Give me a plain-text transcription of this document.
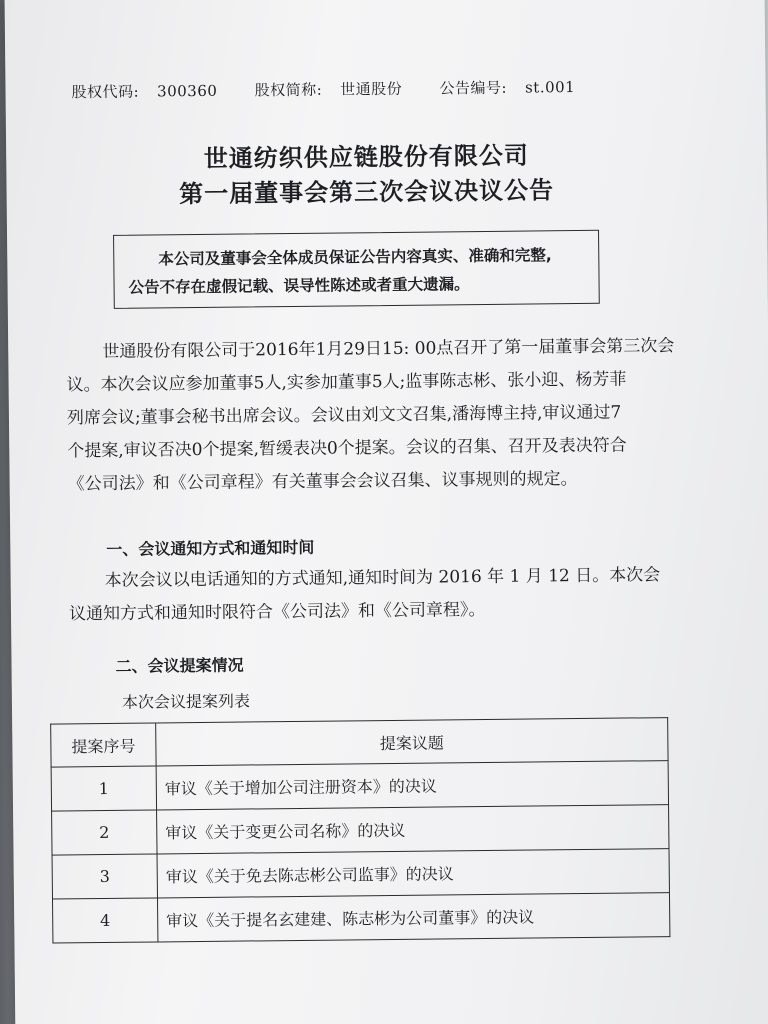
股权代码: 300360 股权简称: 世通股份 公告编号: st.001
世通纺织供应链股份有限公司
第一届董事会第三次会议决议公告
本公司及董事会全体成员保证公告内容真实、准确和完整,
公告不存在虚假记载、误导性陈述或者重大遗漏。
世通股份有限公司于2016年1月29日15: 00点召开了第一届董事会第三次会
议。本次会议应参加董事5人,实参加董事5人;监事陈志彬、张小迎、杨芳菲
列席会议;董事会秘书出席会议。会议由刘文文召集,潘海博主持,审议通过7
个提案,审议否决0个提案,暂缓表决0个提案。会议的召集、召开及表决符合
《公司法》和《公司章程》有关董事会会议召集、议事规则的规定。
一、会议通知方式和通知时间
本次会议以电话通知的方式通知,通知时间为 2016 年 1 月 12 日。本次会
议通知方式和通知时限符合《公司法》和《公司章程》。
二、会议提案情况
本次会议提案列表
提案序号	提案议题
1	审议《关于增加公司注册资本》的决议
2	审议《关于变更公司名称》的决议
3	审议《关于免去陈志彬公司监事》的决议
4	审议《关于提名玄建建、陈志彬为公司董事》的决议
